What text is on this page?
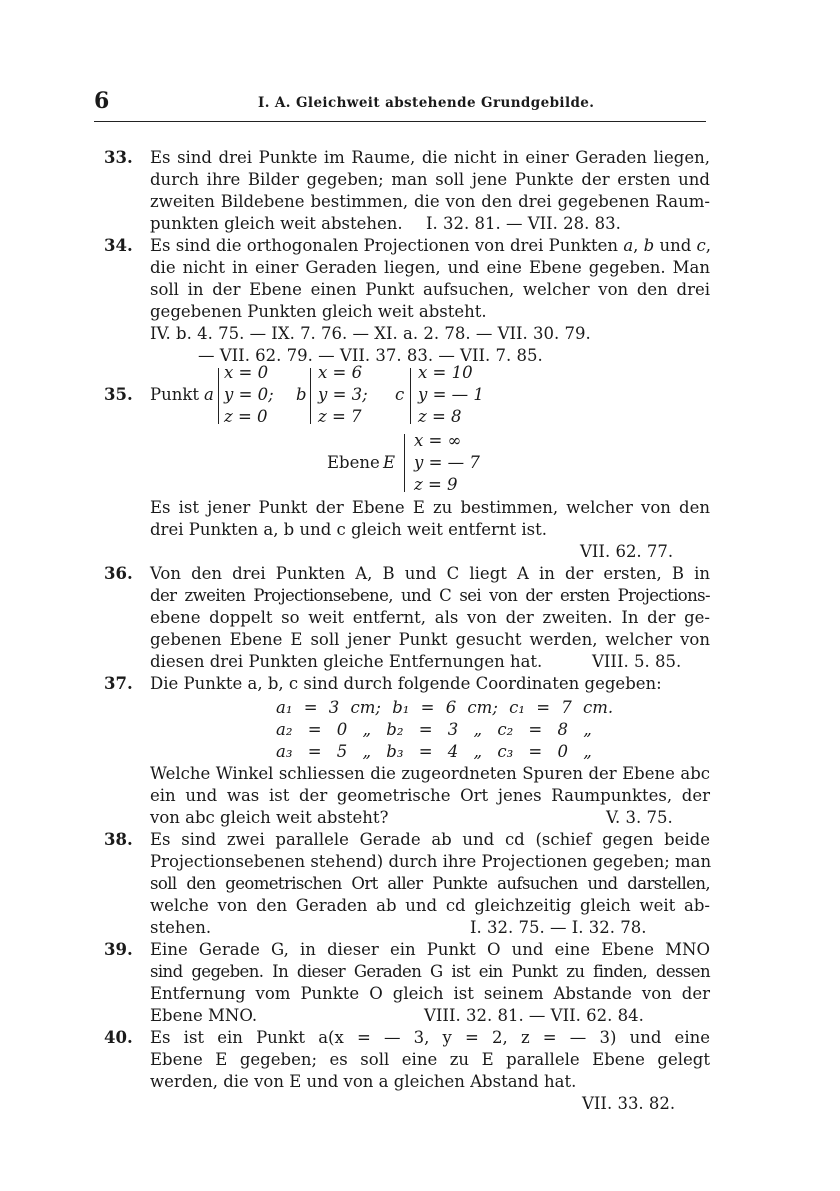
6	I. A. Gleichweit abstehende Grundgebilde.
33. Es sind drei Punkte im Raume, die nicht in einer Geraden liegen,
durch ihre Bilder gegeben; man soll jene Punkte der ersten und
zweiten Bildebene bestimmen, die von den drei gegebenen Raum-
punkten gleich weit abstehen.	I. 32. 81. — VII. 28. 83.
34. Es sind die orthogonalen Projectionen von drei Punkten a, b und c,
die nicht in einer Geraden liegen, und eine Ebene gegeben. Man
soll in der Ebene einen Punkt aufsuchen, welcher von den drei
gegebenen Punkten gleich weit absteht.
IV. b. 4. 75. — IX. 7. 76. — XI. a. 2. 78. — VII. 30. 79.
— VII. 62. 79. — VII. 37. 83. — VII. 7. 85.
35. Punkt a
x = 0
y = 0;
z = 0
b
x = 6
y = 3;
z = 7
c
x = 10
y = — 1
z = 8
Ebene E
x = ∞
y = — 7
z = 9
Es ist jener Punkt der Ebene E zu bestimmen, welcher von den
drei Punkten a, b und c gleich weit entfernt ist.
VII. 62. 77.
36. Von den drei Punkten A, B und C liegt A in der ersten, B in
der zweiten Projectionsebene, und C sei von der ersten Projections-
ebene doppelt so weit entfernt, als von der zweiten. In der ge-
gebenen Ebene E soll jener Punkt gesucht werden, welcher von
diesen drei Punkten gleiche Entfernungen hat.	VIII. 5. 85.
37. Die Punkte a, b, c sind durch folgende Coordinaten gegeben:
a₁ = 3 cm; b₁ = 6 cm; c₁ = 7 cm.
a₂ = 0 „ b₂ = 3 „ c₂ = 8 „
a₃ = 5 „ b₃ = 4 „ c₃ = 0 „
Welche Winkel schliessen die zugeordneten Spuren der Ebene abc
ein und was ist der geometrische Ort jenes Raumpunktes, der
von abc gleich weit absteht?	V. 3. 75.
38. Es sind zwei parallele Gerade ab und cd (schief gegen beide
Projectionsebenen stehend) durch ihre Projectionen gegeben; man
soll den geometrischen Ort aller Punkte aufsuchen und darstellen,
welche von den Geraden ab und cd gleichzeitig gleich weit ab-
stehen.	I. 32. 75. — I. 32. 78.
39. Eine Gerade G, in dieser ein Punkt O und eine Ebene MNO
sind gegeben. In dieser Geraden G ist ein Punkt zu finden, dessen
Entfernung vom Punkte O gleich ist seinem Abstande von der
Ebene MNO.	VIII. 32. 81. — VII. 62. 84.
40. Es ist ein Punkt a(x = — 3, y = 2, z = — 3) und eine
Ebene E gegeben; es soll eine zu E parallele Ebene gelegt
werden, die von E und von a gleichen Abstand hat.
VII. 33. 82.
